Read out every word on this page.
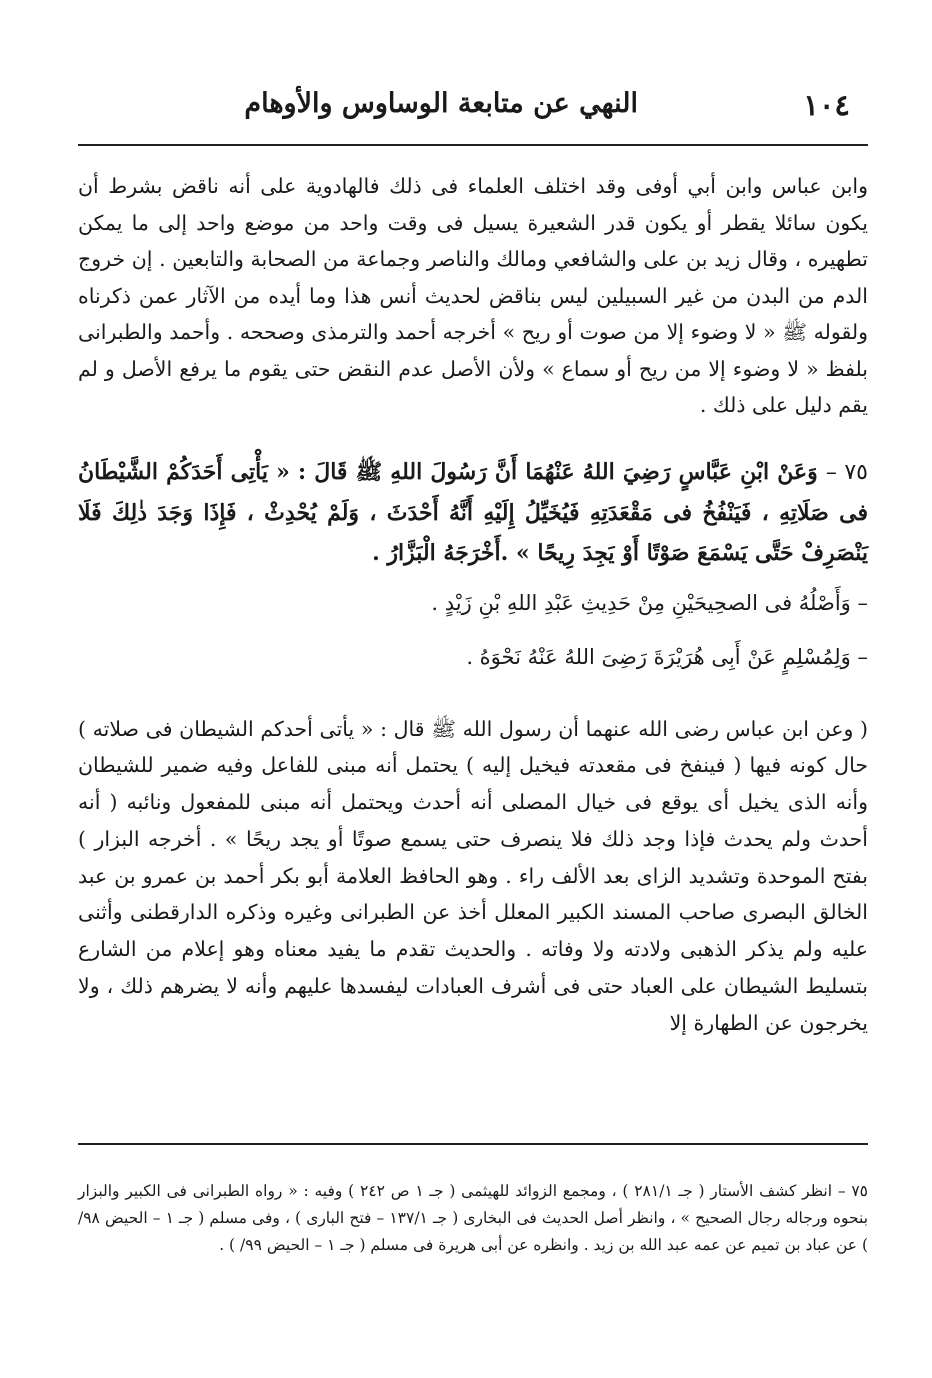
١٠٤
النهي عن متابعة الوساوس والأوهام

وابن عباس وابن أبي أوفى وقد اختلف العلماء فى ذلك فالهادوية على أنه ناقض بشرط أن يكون سائلا يقطر أو يكون قدر الشعيرة يسيل فى وقت واحد من موضع واحد إلى ما يمكن تطهيره ، وقال زيد بن على والشافعي ومالك والناصر وجماعة من الصحابة والتابعين . إن خروج الدم من البدن من غير السبيلين ليس بناقض لحديث أنس هذا وما أيده من الآثار عمن ذكرناه ولقوله ﷺ « لا وضوء إلا من صوت أو ريح » أخرجه أحمد والترمذى وصححه . وأحمد والطبرانى بلفظ « لا وضوء إلا من ريح أو سماع » ولأن الأصل عدم النقض حتى يقوم ما يرفع الأصل و لم يقم دليل على ذلك .

٧٥ – وَعَنْ ابْنِ عَبَّاسٍ رَضِيَ اللهُ عَنْهُمَا أَنَّ رَسُولَ اللهِ ﷺ قَالَ : « يَأْتِى أَحَدَكُمْ الشَّيْطَانُ فى صَلَاتِهِ ، فَيَنْفُخُ فى مَقْعَدَتِهِ فَيُخَيِّلُ إِلَيْهِ أَنَّهُ أَحْدَثَ ، وَلَمْ يُحْدِثْ ، فَإِذَا وَجَدَ ذٰلِكَ فَلَا يَنْصَرِفْ حَتَّى يَسْمَعَ صَوْتًا أَوْ يَجِدَ رِيحًا » .أَخْرَجَهُ الْبَزَّارُ .

– وَأَصْلُهُ فى الصحِيحَيْنِ مِنْ حَدِيثِ عَبْدِ اللهِ بْنِ زَيْدٍ .

– وَلِمُسْلِمٍ عَنْ أَبِى هُرَيْرَةَ رَضِىَ اللهُ عَنْهُ نَحْوَهُ .

( وعن ابن عباس رضى الله عنهما أن رسول الله ﷺ قال : « يأتى أحدكم الشيطان فى صلاته ) حال كونه فيها ( فينفخ فى مقعدته فيخيل إليه ) يحتمل أنه مبنى للفاعل وفيه ضمير للشيطان وأنه الذى يخيل أى يوقع فى خيال المصلى أنه أحدث ويحتمل أنه مبنى للمفعول ونائبه ( أنه أحدث ولم يحدث فإذا وجد ذلك فلا ينصرف حتى يسمع صوتًا أو يجد ريحًا » . أخرجه البزار ) بفتح الموحدة وتشديد الزاى بعد الألف راء . وهو الحافظ العلامة أبو بكر أحمد بن عمرو بن عبد الخالق البصرى صاحب المسند الكبير المعلل أخذ عن الطبرانى وغيره وذكره الدارقطنى وأثنى عليه ولم يذكر الذهبى ولادته ولا وفاته . والحديث تقدم ما يفيد معناه وهو إعلام من الشارع بتسليط الشيطان على العباد حتى فى أشرف العبادات ليفسدها عليهم وأنه لا يضرهم ذلك ، ولا يخرجون عن الطهارة إلا

٧٥ – انظر كشف الأستار ( جـ ٢٨١/١ ) ، ومجمع الزوائد للهيثمى ( جـ ١ ص ٢٤٢ ) وفيه : « رواه الطبرانى فى الكبير والبزار بنحوه ورجاله رجال الصحيح » ، وانظر أصل الحديث فى البخارى ( جـ ١٣٧/١ – فتح البارى ) ، وفى مسلم ( جـ ١ – الحيض ٩٨/ ) عن عباد بن تميم عن عمه عبد الله بن زيد . وانظره عن أبى هريرة فى مسلم ( جـ ١ – الحيض ٩٩/ ) .
